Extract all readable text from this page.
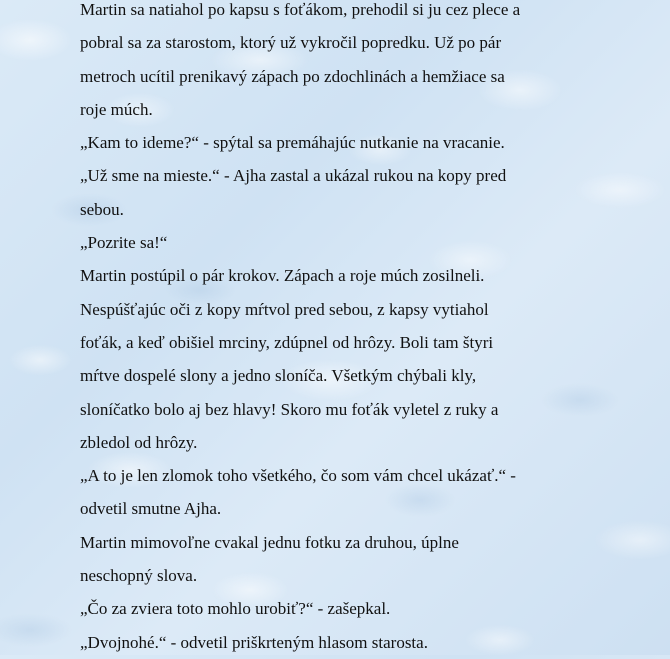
Martin sa natiahol po kapsu s foťákom, prehodil si ju cez plece a
pobral sa za starostom, ktorý už vykročil popredku. Už po pár
metroch ucítil prenikavý zápach po zdochlinách a hemžiace sa
roje múch.
„Kam to ideme?“ - spýtal sa premáhajúc nutkanie na vracanie.
„Už sme na mieste.“ - Ajha zastal a ukázal rukou na kopy pred
sebou.
„Pozrite sa!“
Martin postúpil o pár krokov. Zápach a roje múch zosilneli.
Nespúšťajúc oči z kopy mŕtvol pred sebou, z kapsy vytiahol
foťák, a keď obišiel mrciny, zdúpnel od hrôzy. Boli tam štyri
mŕtve dospelé slony a jedno sloníča. Všetkým chýbali kly,
sloníčatko bolo aj bez hlavy! Skoro mu foťák vyletel z ruky a
zbledol od hrôzy.
„A to je len zlomok toho všetkého, čo som vám chcel ukázať.“ -
odvetil smutne Ajha.
Martin mimovoľne cvakal jednu fotku za druhou, úplne
neschopný slova.
„Čo za zviera toto mohlo urobiť?“ - zašepkal.
„Dvojnohé.“ - odvetil priškrteným hlasom starosta.
